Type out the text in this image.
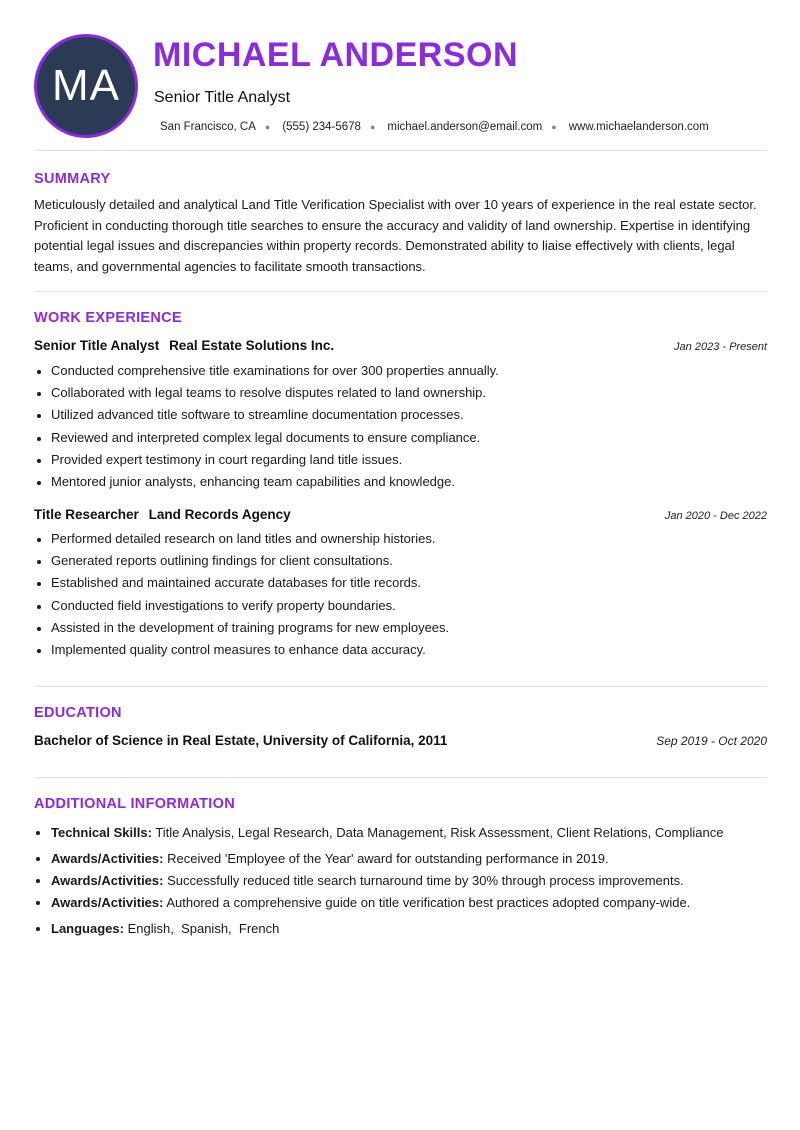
MA
MICHAEL ANDERSON
Senior Title Analyst
San Francisco, CA ● (555) 234-5678 ● michael.anderson@email.com ● www.michaelanderson.com
SUMMARY

Meticulously detailed and analytical Land Title Verification Specialist with over 10 years of experience in the real estate sector. Proficient in conducting thorough title searches to ensure the accuracy and validity of land ownership. Expertise in identifying potential legal issues and discrepancies within property records. Demonstrated ability to liaise effectively with clients, legal teams, and governmental agencies to facilitate smooth transactions.

WORK EXPERIENCE
Senior Title Analyst Real Estate Solutions Inc.	Jan 2023 - Present
• Conducted comprehensive title examinations for over 300 properties annually.
• Collaborated with legal teams to resolve disputes related to land ownership.
• Utilized advanced title software to streamline documentation processes.
• Reviewed and interpreted complex legal documents to ensure compliance.
• Provided expert testimony in court regarding land title issues.
• Mentored junior analysts, enhancing team capabilities and knowledge.
Title Researcher Land Records Agency	Jan 2020 - Dec 2022
• Performed detailed research on land titles and ownership histories.
• Generated reports outlining findings for client consultations.
• Established and maintained accurate databases for title records.
• Conducted field investigations to verify property boundaries.
• Assisted in the development of training programs for new employees.
• Implemented quality control measures to enhance data accuracy.
EDUCATION
Bachelor of Science in Real Estate, University of California, 2011	Sep 2019 - Oct 2020
ADDITIONAL INFORMATION
• Technical Skills: Title Analysis, Legal Research, Data Management, Risk Assessment, Client Relations, Compliance
• Awards/Activities: Received 'Employee of the Year' award for outstanding performance in 2019.
• Awards/Activities: Successfully reduced title search turnaround time by 30% through process improvements.
• Awards/Activities: Authored a comprehensive guide on title verification best practices adopted company-wide.
• Languages: English,  Spanish,  French
